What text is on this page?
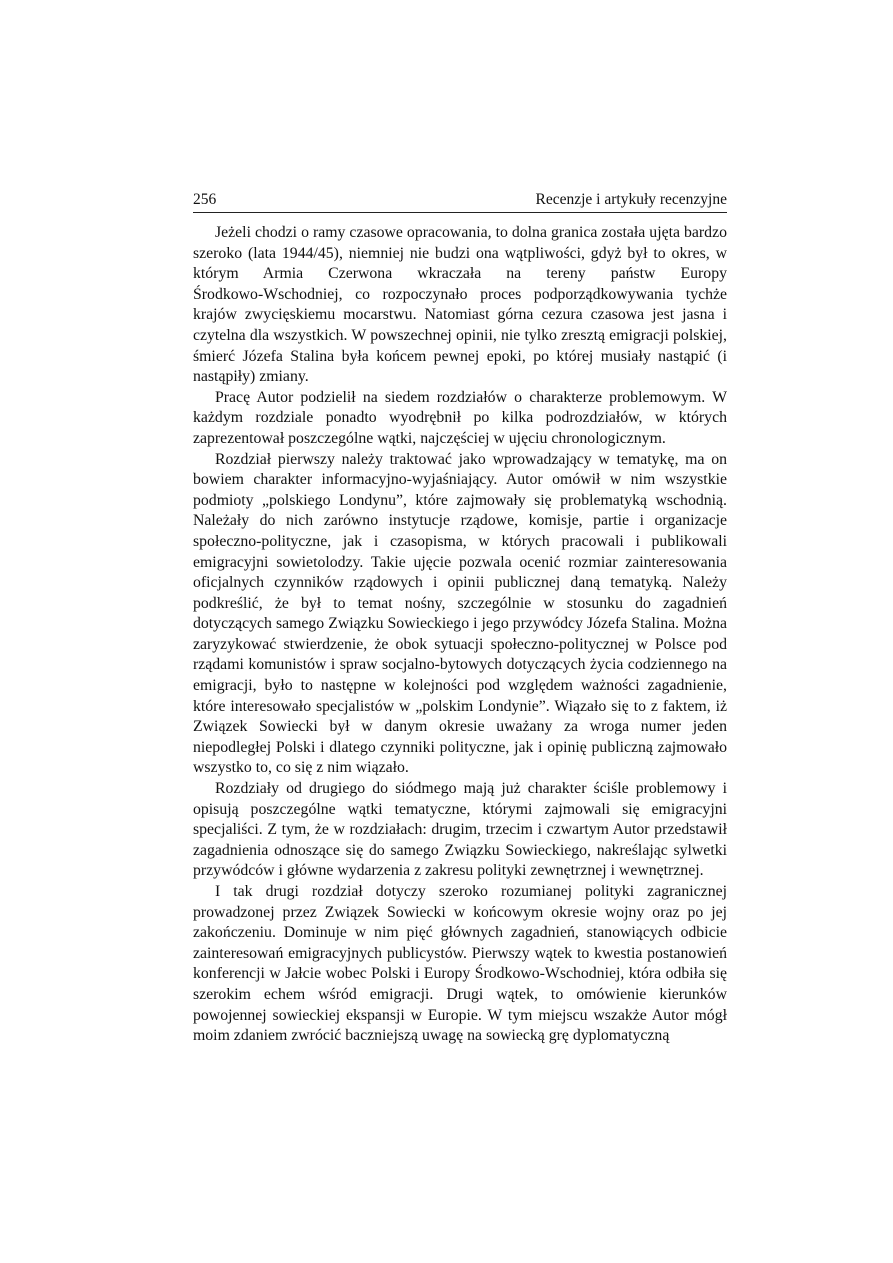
256	Recenzje i artykuły recenzyjne

Jeżeli chodzi o ramy czasowe opracowania, to dolna granica została ujęta bardzo szeroko (lata 1944/45), niemniej nie budzi ona wątpliwości, gdyż był to okres, w którym Armia Czerwona wkraczała na tereny państw Europy Środkowo-Wschodniej, co rozpoczynało proces podporządkowywania tychże krajów zwycięskiemu mocarstwu. Natomiast górna cezura czasowa jest jasna i czytelna dla wszystkich. W powszechnej opinii, nie tylko zresztą emigracji polskiej, śmierć Józefa Stalina była końcem pewnej epoki, po której musiały nastąpić (i nastąpiły) zmiany.

Pracę Autor podzielił na siedem rozdziałów o charakterze problemowym. W każdym rozdziale ponadto wyodrębnił po kilka podrozdziałów, w których zaprezentował poszczególne wątki, najczęściej w ujęciu chronologicznym.

Rozdział pierwszy należy traktować jako wprowadzający w tematykę, ma on bowiem charakter informacyjno-wyjaśniający. Autor omówił w nim wszystkie podmioty „polskiego Londynu”, które zajmowały się problematyką wschodnią. Należały do nich zarówno instytucje rządowe, komisje, partie i organizacje społeczno-polityczne, jak i czasopisma, w których pracowali i publikowali emigracyjni sowietolodzy. Takie ujęcie pozwala ocenić rozmiar zainteresowania oficjalnych czynników rządowych i opinii publicznej daną tematyką. Należy podkreślić, że był to temat nośny, szczególnie w stosunku do zagadnień dotyczących samego Związku Sowieckiego i jego przywódcy Józefa Stalina. Można zaryzykować stwierdzenie, że obok sytuacji społeczno-politycznej w Polsce pod rządami komunistów i spraw socjalno-bytowych dotyczących życia codziennego na emigracji, było to następne w kolejności pod względem ważności zagadnienie, które interesowało specjalistów w „polskim Londynie”. Wiązało się to z faktem, iż Związek Sowiecki był w danym okresie uważany za wroga numer jeden niepodległej Polski i dlatego czynniki polityczne, jak i opinię publiczną zajmowało wszystko to, co się z nim wiązało.

Rozdziały od drugiego do siódmego mają już charakter ściśle problemowy i opisują poszczególne wątki tematyczne, którymi zajmowali się emigracyjni specjaliści. Z tym, że w rozdziałach: drugim, trzecim i czwartym Autor przedstawił zagadnienia odnoszące się do samego Związku Sowieckiego, nakreślając sylwetki przywódców i główne wydarzenia z zakresu polityki zewnętrznej i wewnętrznej.

I tak drugi rozdział dotyczy szeroko rozumianej polityki zagranicznej prowadzonej przez Związek Sowiecki w końcowym okresie wojny oraz po jej zakończeniu. Dominuje w nim pięć głównych zagadnień, stanowiących odbicie zainteresowań emigracyjnych publicystów. Pierwszy wątek to kwestia postanowień konferencji w Jałcie wobec Polski i Europy Środkowo-Wschodniej, która odbiła się szerokim echem wśród emigracji. Drugi wątek, to omówienie kierunków powojennej sowieckiej ekspansji w Europie. W tym miejscu wszakże Autor mógł moim zdaniem zwrócić baczniejszą uwagę na sowiecką grę dyplomatyczną
